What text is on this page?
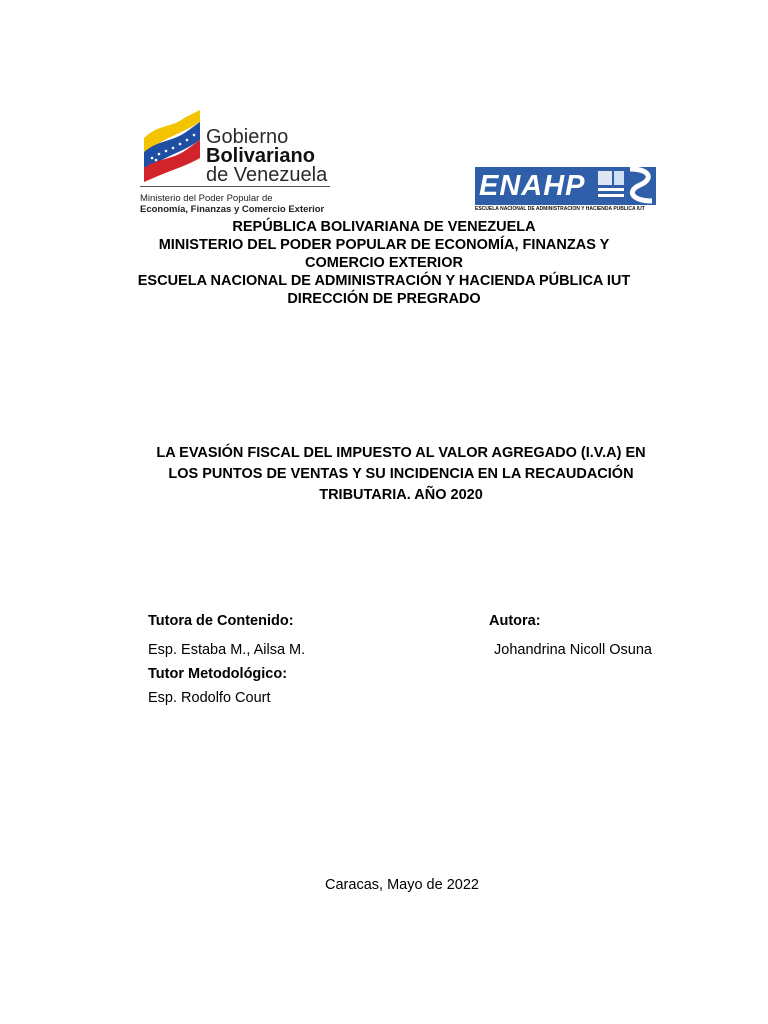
Gobierno
Bolivariano
de Venezuela
Ministerio del Poder Popular de
Economía, Finanzas y Comercio Exterior
ENAHP
ESCUELA NACIONAL DE ADMINISTRACIÓN Y HACIENDA PÚBLICA IUT
REPÚBLICA BOLIVARIANA DE VENEZUELA
MINISTERIO DEL PODER POPULAR DE ECONOMÍA, FINANZAS Y
COMERCIO EXTERIOR
ESCUELA NACIONAL DE ADMINISTRACIÓN Y HACIENDA PÚBLICA IUT
DIRECCIÓN DE PREGRADO
LA EVASIÓN FISCAL DEL IMPUESTO AL VALOR AGREGADO (I.V.A) EN
LOS PUNTOS DE VENTAS Y SU INCIDENCIA EN LA RECAUDACIÓN
TRIBUTARIA. AÑO 2020
Tutora de Contenido:
Esp. Estaba M., Ailsa M.
Tutor Metodológico:
Esp. Rodolfo Court
Autora:
Johandrina Nicoll Osuna
Caracas, Mayo de 2022
